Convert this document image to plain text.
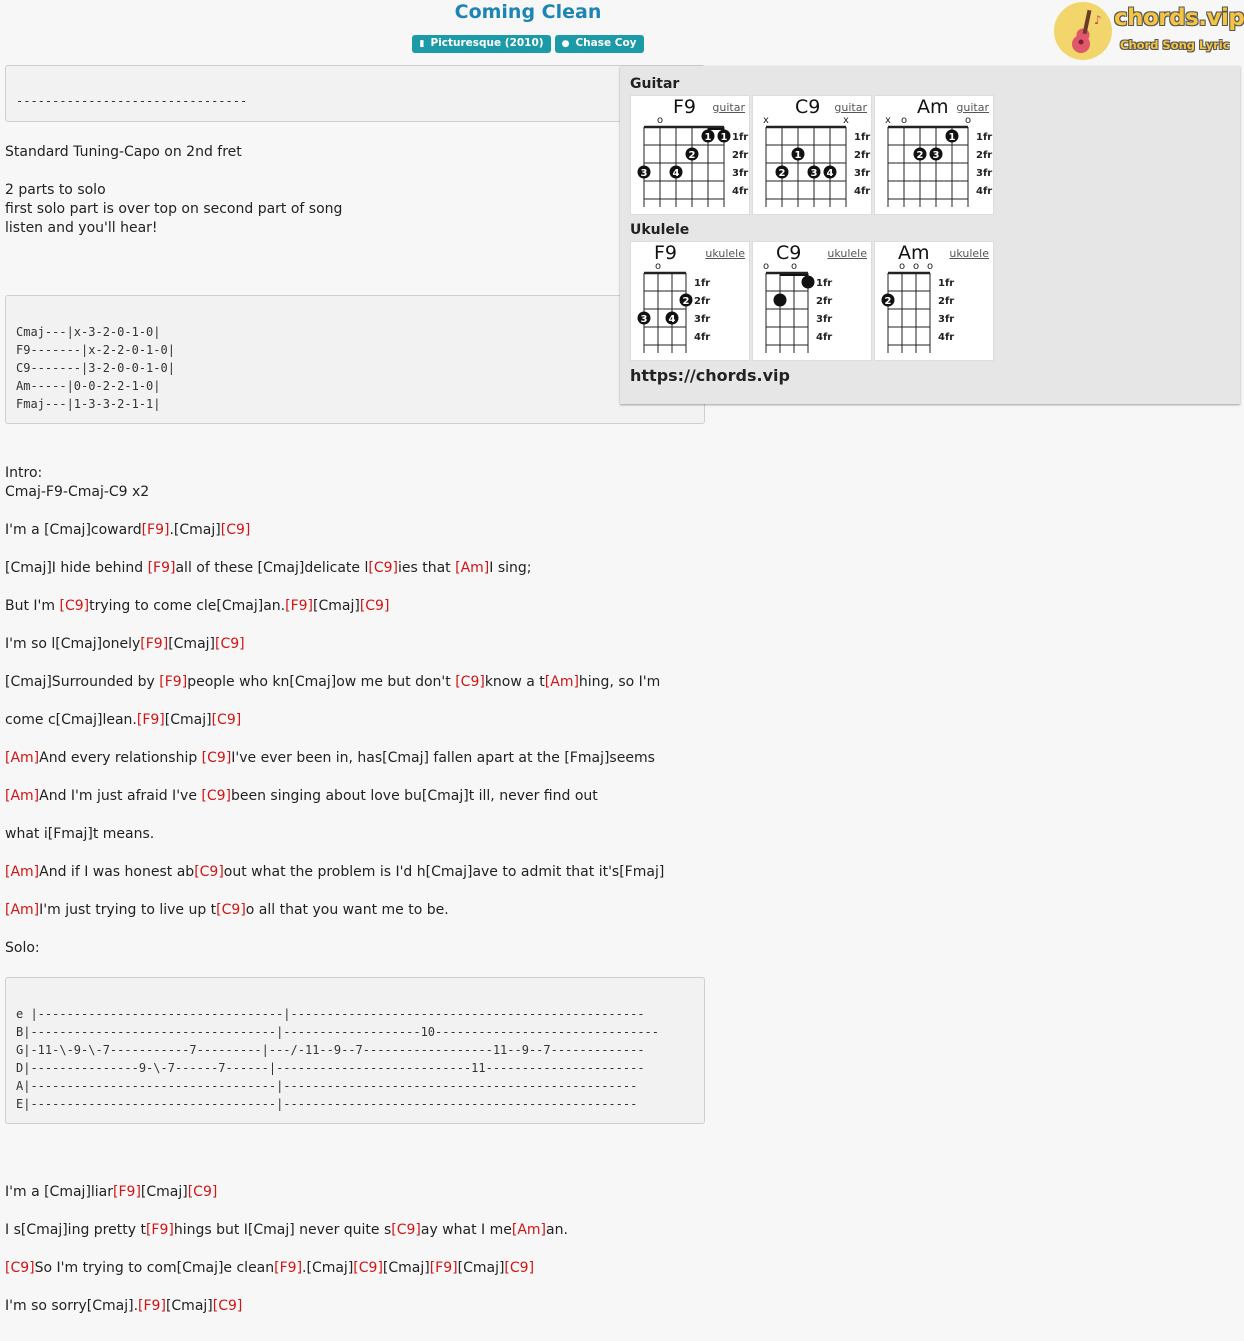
Coming Clean
▮ Picturesque (2010) ● Chase Coy
♪ chords.vip
Chord Song Lyric

--------------------------------

Standard Tuning-Capo on 2nd fret
2 parts to solo
first solo part is over top on second part of song
listen and you'll hear!

Cmaj---|x-3-2-0-1-0|

F9-------|x-2-2-0-1-0|

C9-------|3-2-0-0-1-0|

Am-----|0-0-2-2-1-0|

Fmaj---|1-3-3-2-1-1|

Intro:
Cmaj-F9-Cmaj-C9 x2
I'm a [Cmaj]coward[F9].[Cmaj][C9]
[Cmaj]I hide behind [F9]all of these [Cmaj]delicate l[C9]ies that [Am]I sing;
But I'm [C9]trying to come cle[Cmaj]an.[F9][Cmaj][C9]
I'm so l[Cmaj]onely[F9][Cmaj][C9]
[Cmaj]Surrounded by [F9]people who kn[Cmaj]ow me but don't [C9]know a t[Am]hing, so I'm
come c[Cmaj]lean.[F9][Cmaj][C9]
[Am]And every relationship [C9]I've ever been in, has[Cmaj] fallen apart at the [Fmaj]seems
[Am]And I'm just afraid I've [C9]been singing about love bu[Cmaj]t ill, never find out
what i[Fmaj]t means.
[Am]And if I was honest ab[C9]out what the problem is I'd h[Cmaj]ave to admit that it's[Fmaj]
[Am]I'm just trying to live up t[C9]o all that you want me to be.
Solo:

e |----------------------------------|-------------------------------------------------

B|----------------------------------|-------------------10-------------------------------

G|-11-\-9-\-7-----------7---------|---/-11--9--7------------------11--9--7-------------

D|---------------9-\-7------7------|---------------------------11----------------------

A|----------------------------------|-------------------------------------------------

E|----------------------------------|-------------------------------------------------

I'm a [Cmaj]liar[F9][Cmaj][C9]
I s[Cmaj]ing pretty t[F9]hings but I[Cmaj] never quite s[C9]ay what I me[Am]an.
[C9]So I'm trying to com[Cmaj]e clean[F9].[Cmaj][C9][Cmaj][F9][Cmaj][C9]
I'm so sorry[Cmaj].[F9][Cmaj][C9]
Guitar
1fr
2fr
3fr
4fr
o
1 1
2
3	4
F9 guitar
1fr
2fr
3fr
4fr
x	x
1
2	3 4
C9 guitar
1fr
2fr
3fr
4fr
x o	o
1
2 3
Am guitar
Ukulele
1fr
2fr
3fr
4fr
o
2
3 4
F9	ukulele
1fr
2fr
3fr
4fr
o o
C9 ukulele
1fr
2fr
3fr
4fr
o o o
2
Am ukulele
https://chords.vip
